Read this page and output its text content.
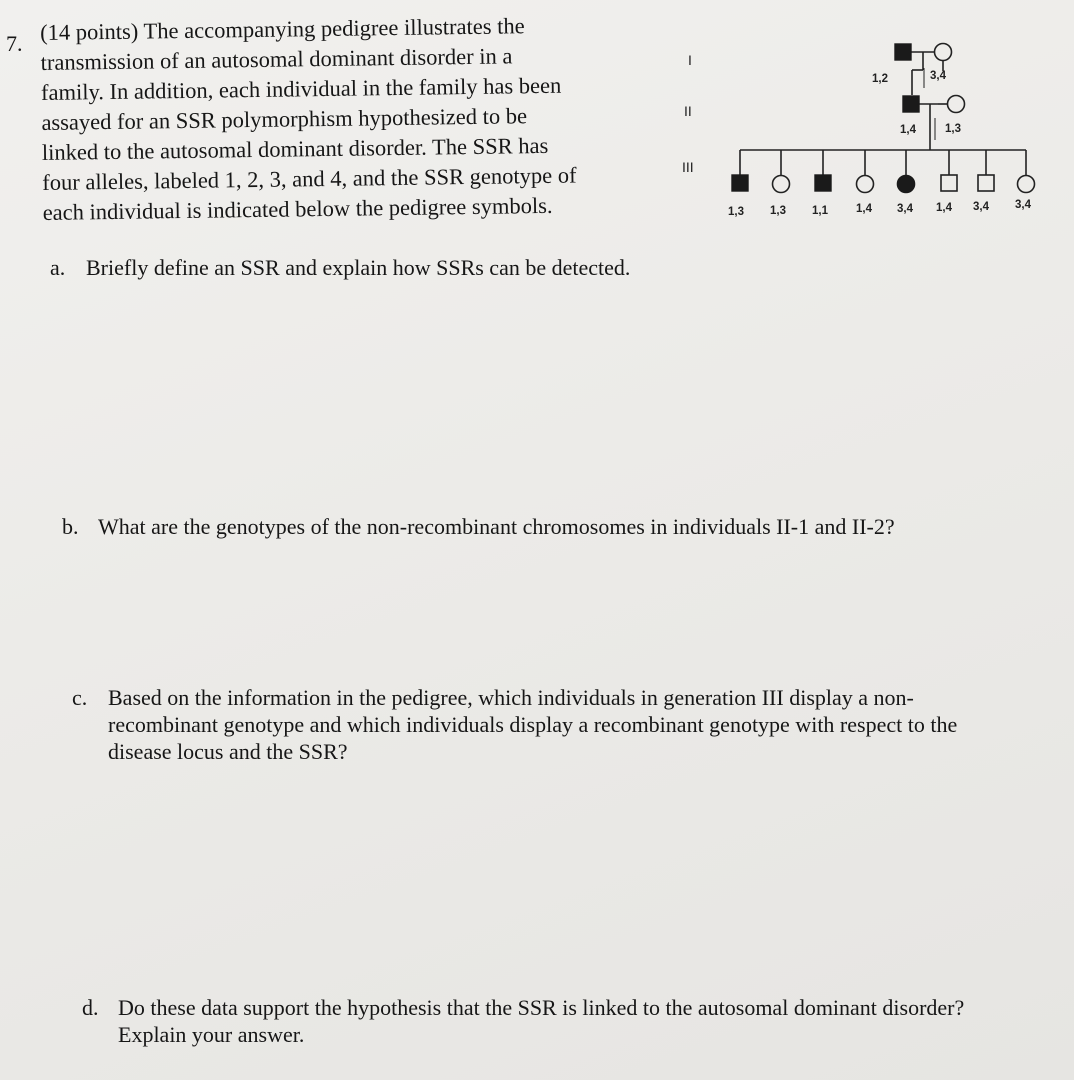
7. (14 points) The accompanying pedigree illustrates the
transmission of an autosomal dominant disorder in a
family. In addition, each individual in the family has been
assayed for an SSR polymorphism hypothesized to be
linked to the autosomal dominant disorder. The SSR has
four alleles, labeled 1, 2, 3, and 4, and the SSR genotype of
each individual is indicated below the pedigree symbols.
a. Briefly define an SSR and explain how SSRs can be detected.
b. What are the genotypes of the non-recombinant chromosomes in individuals II-1 and II-2?
c. Based on the information in the pedigree, which individuals in generation III display a non-
recombinant genotype and which individuals display a recombinant genotype with respect to the
disease locus and the SSR?
d. Do these data support the hypothesis that the SSR is linked to the autosomal dominant disorder?
Explain your answer.
I
II
III
1,2	3,4
1,4	1,3
1,3 1,3 1,1 1,4 3,4 1,4 3,4 3,4
